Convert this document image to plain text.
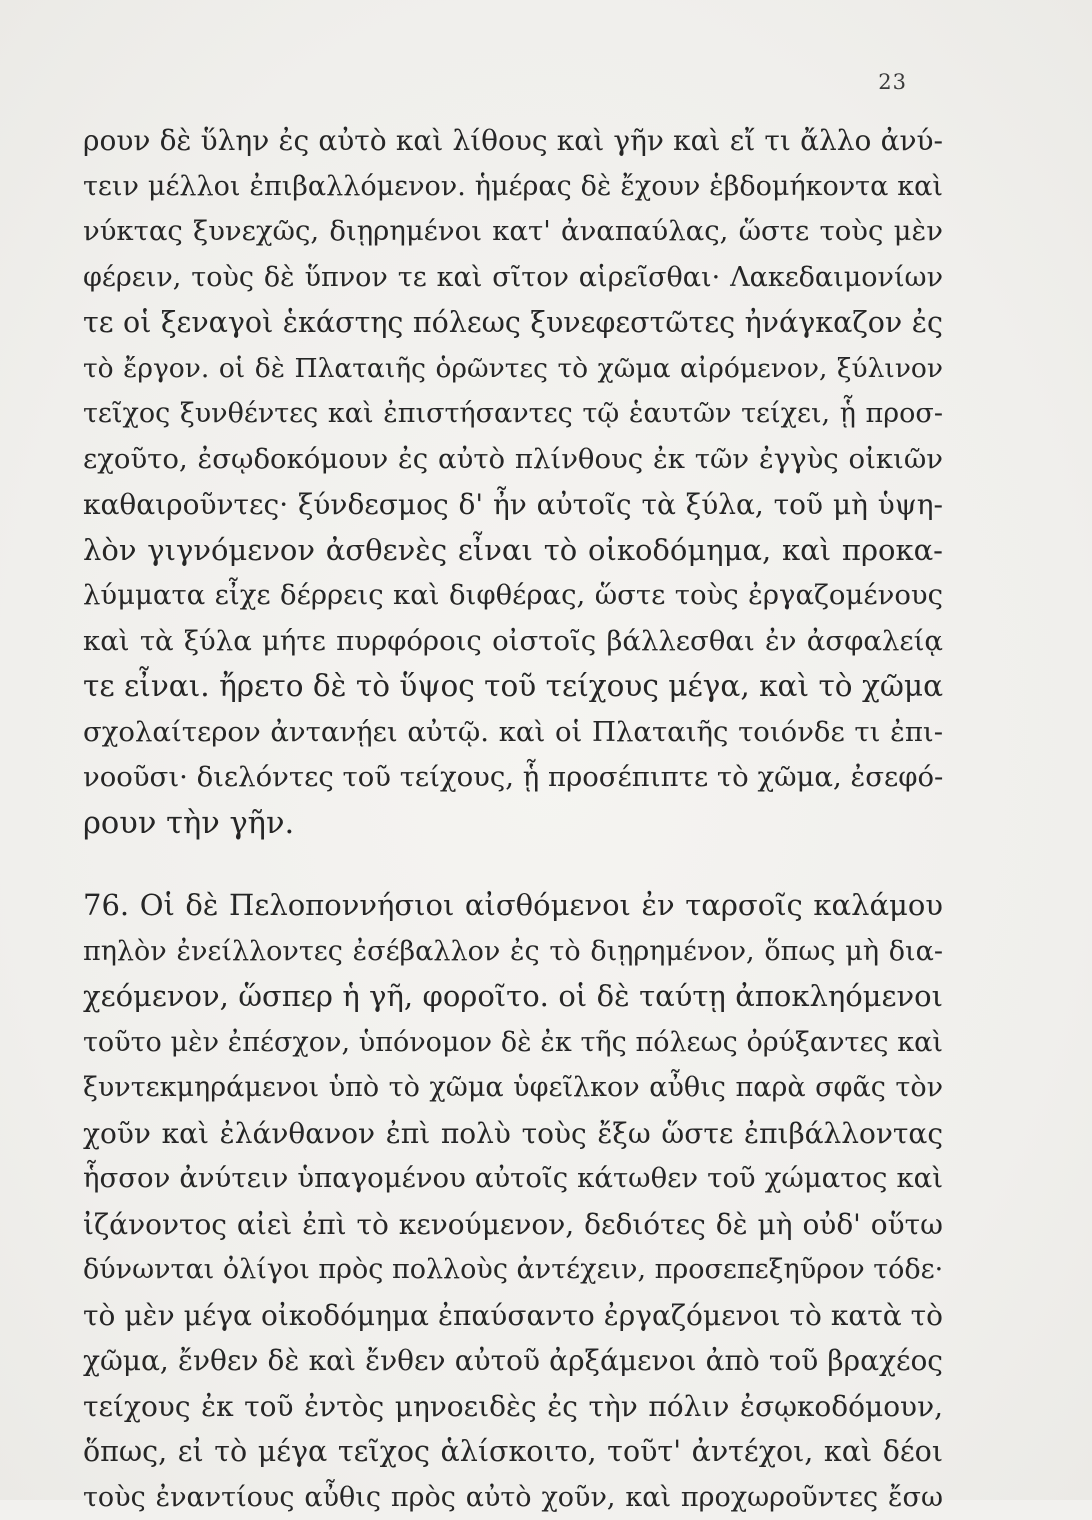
23
ρουν δὲ ὕλην ἐς αὐτὸ καὶ λίθους καὶ γῆν καὶ εἴ τι ἄλλο ἀνύ-
τειν μέλλοι ἐπιβαλλόμενον. ἡμέρας δὲ ἔχουν ἑβδομήκοντα καὶ
νύκτας ξυνεχῶς, διῃρημένοι κατ' ἀναπαύλας, ὥστε τοὺς μὲν
φέρειν, τοὺς δὲ ὕπνον τε καὶ σῖτον αἱρεῖσθαι· Λακεδαιμονίων
τε οἱ ξεναγοὶ ἑκάστης πόλεως ξυνεφεστῶτες ἠνάγκαζον ἐς
τὸ ἔργον. οἱ δὲ Πλαταιῆς ὁρῶντες τὸ χῶμα αἰρόμενον, ξύλινον
τεῖχος ξυνθέντες καὶ ἐπιστήσαντες τῷ ἑαυτῶν τείχει, ᾗ προσ-
εχοῦτο, ἐσῳδοκόμουν ἐς αὐτὸ πλίνθους ἐκ τῶν ἐγγὺς οἰκιῶν
καθαιροῦντες· ξύνδεσμος δ' ἦν αὐτοῖς τὰ ξύλα, τοῦ μὴ ὑψη-
λὸν γιγνόμενον ἀσθενὲς εἶναι τὸ οἰκοδόμημα, καὶ προκα-
λύμματα εἶχε δέρρεις καὶ διφθέρας, ὥστε τοὺς ἐργαζομένους
καὶ τὰ ξύλα μήτε πυρφόροις οἰστοῖς βάλλεσθαι ἐν ἀσφαλείᾳ
τε εἶναι. ἤρετο δὲ τὸ ὕψος τοῦ τείχους μέγα, καὶ τὸ χῶμα
σχολαίτερον ἀντανῄει αὐτῷ. καὶ οἱ Πλαταιῆς τοιόνδε τι ἐπι-
νοοῦσι· διελόντες τοῦ τείχους, ᾗ προσέπιπτε τὸ χῶμα, ἐσεφό-
ρουν τὴν γῆν.
76. Οἱ δὲ Πελοποννήσιοι αἰσθόμενοι ἐν ταρσοῖς καλάμου
πηλὸν ἐνείλλοντες ἐσέβαλλον ἐς τὸ διῃρημένον, ὅπως μὴ δια-
χεόμενον, ὥσπερ ἡ γῆ, φοροῖτο. οἱ δὲ ταύτῃ ἀποκληόμενοι
τοῦτο μὲν ἐπέσχον, ὑπόνομον δὲ ἐκ τῆς πόλεως ὀρύξαντες καὶ
ξυντεκμηράμενοι ὑπὸ τὸ χῶμα ὑφεῖλκον αὖθις παρὰ σφᾶς τὸν
χοῦν καὶ ἐλάνθανον ἐπὶ πολὺ τοὺς ἔξω ὥστε ἐπιβάλλοντας
ἧσσον ἀνύτειν ὑπαγομένου αὐτοῖς κάτωθεν τοῦ χώματος καὶ
ἰζάνοντος αἰεὶ ἐπὶ τὸ κενούμενον, δεδιότες δὲ μὴ οὐδ' οὕτω
δύνωνται ὀλίγοι πρὸς πολλοὺς ἀντέχειν, προσεπεξηῦρον τόδε·
τὸ μὲν μέγα οἰκοδόμημα ἐπαύσαντο ἐργαζόμενοι τὸ κατὰ τὸ
χῶμα, ἔνθεν δὲ καὶ ἔνθεν αὐτοῦ ἀρξάμενοι ἀπὸ τοῦ βραχέος
τείχους ἐκ τοῦ ἐντὸς μηνοειδὲς ἐς τὴν πόλιν ἐσῳκοδόμουν,
ὅπως, εἰ τὸ μέγα τεῖχος ἁλίσκοιτο, τοῦτ' ἀντέχοι, καὶ δέοι
τοὺς ἐναντίους αὖθις πρὸς αὐτὸ χοῦν, καὶ προχωροῦντες ἔσω
